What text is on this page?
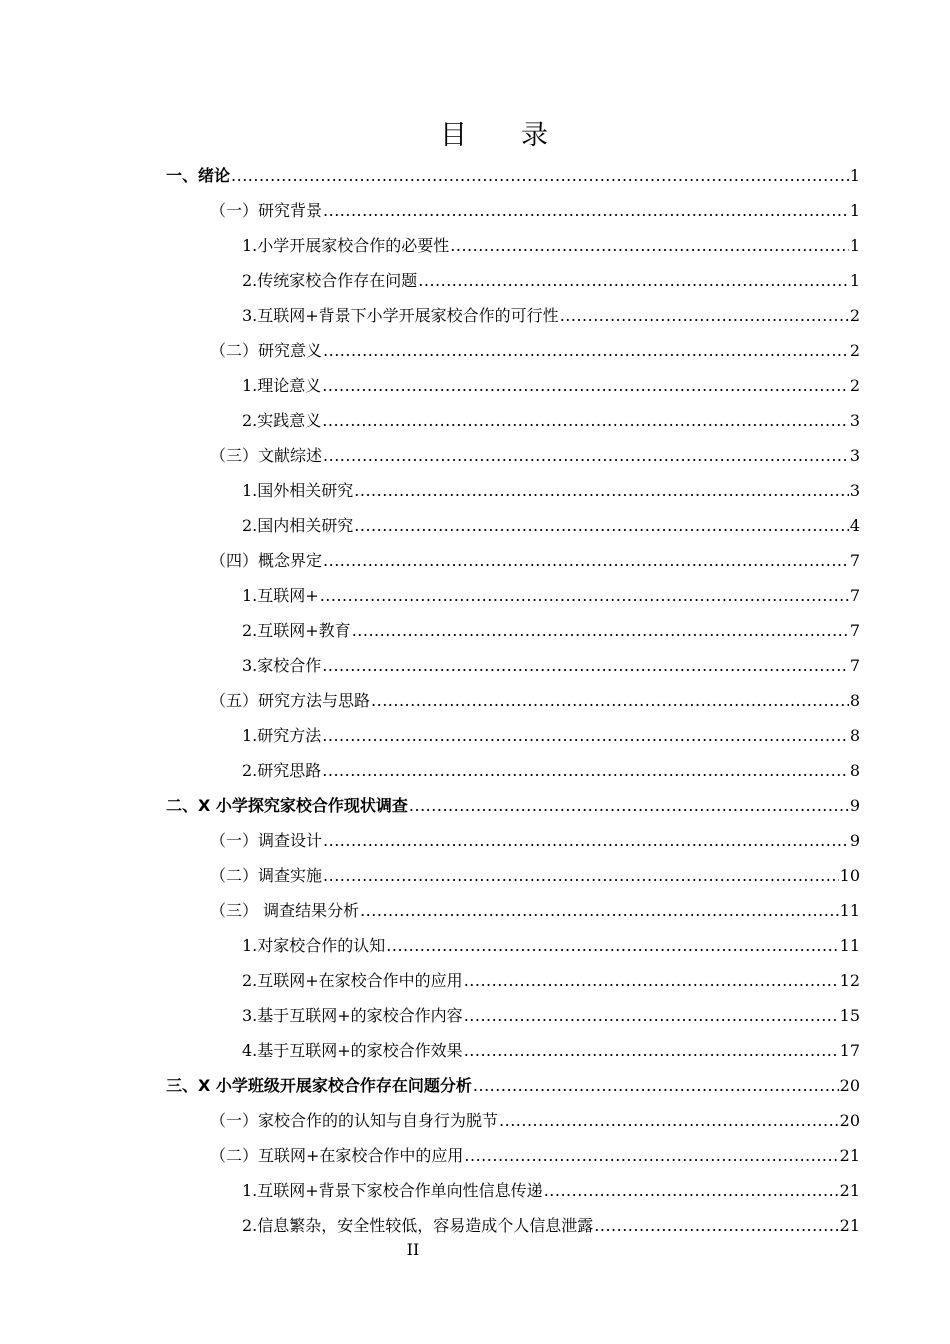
目 录
一、绪论 .....	1
（一）研究背景 .....	1
1.小学开展家校合作的必要性 .....	1
2.传统家校合作存在问题 .....	1
3.互联网+背景下小学开展家校合作的可行性 .....	2
（二）研究意义 .....	2
1.理论意义 .....	2
2.实践意义 .....	3
（三）文献综述 .....	3
1.国外相关研究 .....	3
2.国内相关研究 .....	4
（四）概念界定 .....	7
1.互联网+ .....	7
2.互联网+教育 .....	7
3.家校合作 .....	7
（五）研究方法与思路 .....	8
1.研究方法 .....	8
2.研究思路 .....	8
二、X 小学探究家校合作现状调查 .....	9
（一）调查设计 .....	9
（二）调查实施 .....	10
（三） 调查结果分析 .....	11
1.对家校合作的认知 .....	11
2.互联网+在家校合作中的应用 .....	12
3.基于互联网+的家校合作内容 .....	15
4.基于互联网+的家校合作效果 .....	17
三、X 小学班级开展家校合作存在问题分析 .....	20
（一）家校合作的的认知与自身行为脱节 .....	20
（二）互联网+在家校合作中的应用 .....	21
1.互联网+背景下家校合作单向性信息传递 .....	21
2.信息繁杂，安全性较低，容易造成个人信息泄露 .....	21
II
